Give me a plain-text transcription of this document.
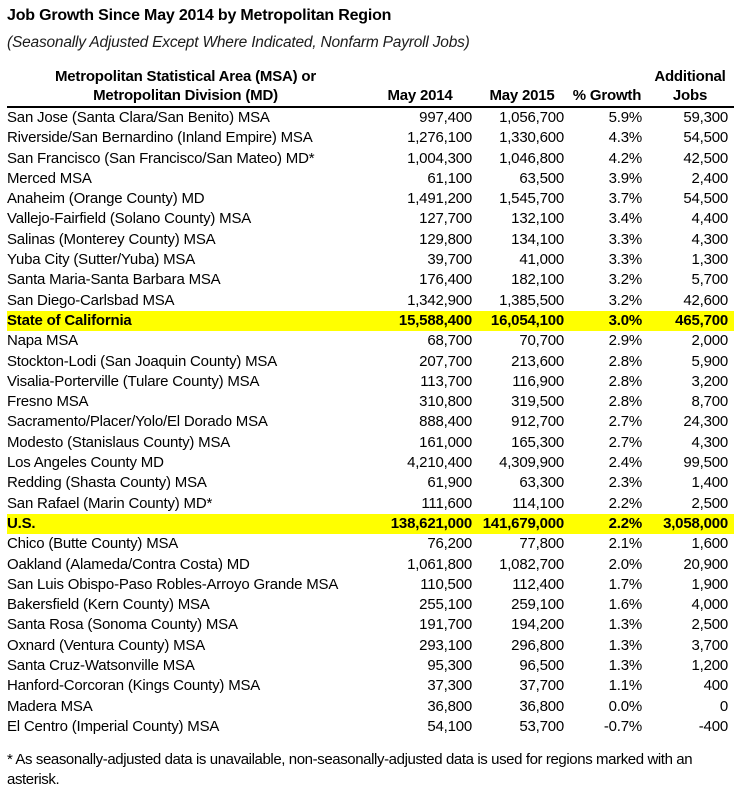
Job Growth Since May 2014 by Metropolitan Region
(Seasonally Adjusted Except Where Indicated, Nonfarm Payroll Jobs)
Metropolitan Statistical Area (MSA) or
Metropolitan Division (MD)	May 2014	May 2015	% Growth	Additional
Jobs

San Jose (Santa Clara/San Benito) MSA	997,400	1,056,700	5.9%	59,300
Riverside/San Bernardino (Inland Empire) MSA	1,276,100	1,330,600	4.3%	54,500
San Francisco (San Francisco/San Mateo) MD*	1,004,300	1,046,800	4.2%	42,500
Merced MSA	61,100	63,500	3.9%	2,400
Anaheim (Orange County) MD	1,491,200	1,545,700	3.7%	54,500
Vallejo-Fairfield (Solano County) MSA	127,700	132,100	3.4%	4,400
Salinas (Monterey County) MSA	129,800	134,100	3.3%	4,300
Yuba City (Sutter/Yuba) MSA	39,700	41,000	3.3%	1,300
Santa Maria-Santa Barbara MSA	176,400	182,100	3.2%	5,700
San Diego-Carlsbad MSA	1,342,900	1,385,500	3.2%	42,600
State of California	15,588,400	16,054,100	3.0%	465,700
Napa MSA	68,700	70,700	2.9%	2,000
Stockton-Lodi (San Joaquin County) MSA	207,700	213,600	2.8%	5,900
Visalia-Porterville (Tulare County) MSA	113,700	116,900	2.8%	3,200
Fresno MSA	310,800	319,500	2.8%	8,700
Sacramento/Placer/Yolo/El Dorado MSA	888,400	912,700	2.7%	24,300
Modesto (Stanislaus County) MSA	161,000	165,300	2.7%	4,300
Los Angeles County MD	4,210,400	4,309,900	2.4%	99,500
Redding (Shasta County) MSA	61,900	63,300	2.3%	1,400
San Rafael (Marin County) MD*	111,600	114,100	2.2%	2,500
U.S.	138,621,000	141,679,000	2.2%	3,058,000
Chico (Butte County) MSA	76,200	77,800	2.1%	1,600
Oakland (Alameda/Contra Costa) MD	1,061,800	1,082,700	2.0%	20,900
San Luis Obispo-Paso Robles-Arroyo Grande MSA	110,500	112,400	1.7%	1,900
Bakersfield (Kern County) MSA	255,100	259,100	1.6%	4,000
Santa Rosa (Sonoma County) MSA	191,700	194,200	1.3%	2,500
Oxnard (Ventura County) MSA	293,100	296,800	1.3%	3,700
Santa Cruz-Watsonville MSA	95,300	96,500	1.3%	1,200
Hanford-Corcoran (Kings County) MSA	37,300	37,700	1.1%	400
Madera MSA	36,800	36,800	0.0%	0
El Centro (Imperial County) MSA	54,100	53,700	-0.7%	-400
* As seasonally-adjusted data is unavailable, non-seasonally-adjusted data is used for regions marked with an asterisk.
